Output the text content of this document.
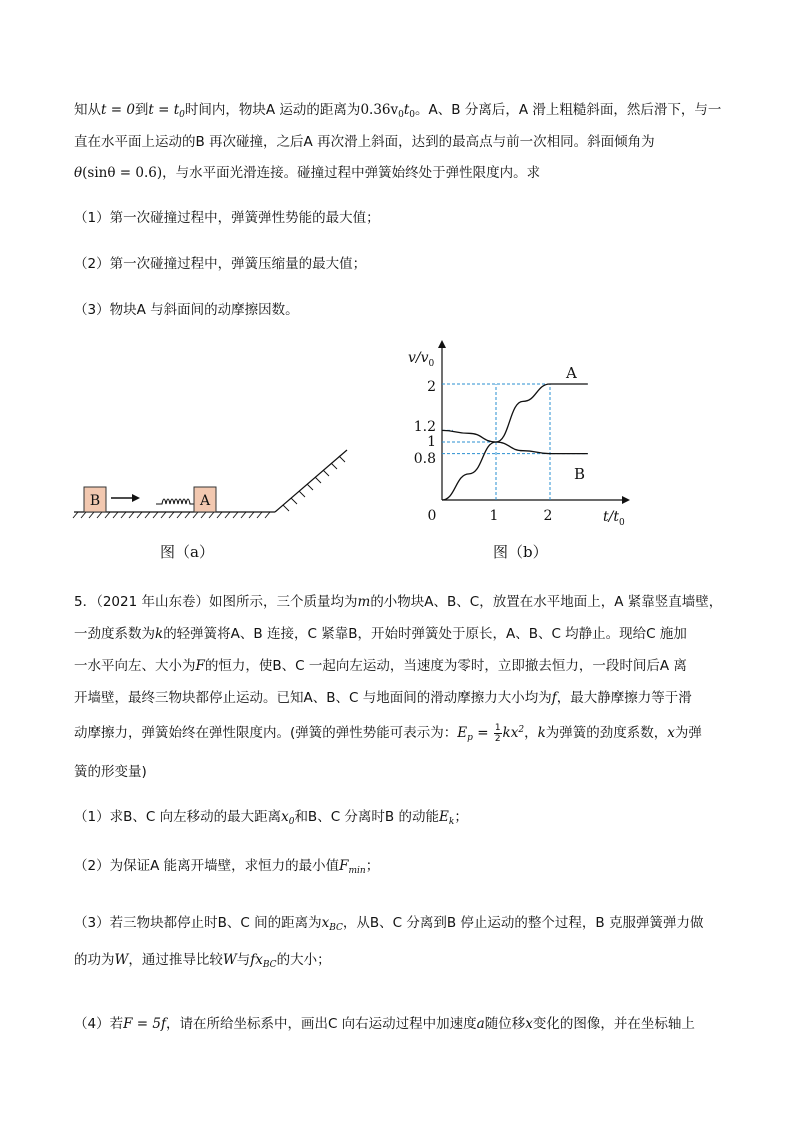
知从t = 0到$t = t_0$时间内，物块A 运动的距离为$0.36v_0t_0$。A、B 分离后，A 滑上粗糙斜面，然后滑下，与一
直在水平面上运动的B 再次碰撞，之后A 再次滑上斜面，达到的最高点与前一次相同。斜面倾角为
θ(sinθ = 0.6)，与水平面光滑连接。碰撞过程中弹簧始终处于弹性限度内。求
（1）第一次碰撞过程中，弹簧弹性势能的最大值；
（2）第一次碰撞过程中，弹簧压缩量的最大值；
（3）物块A 与斜面间的动摩擦因数。
B	A
图（a）
$v/v_0$
$t/t_0$
0
2
1.2
1
0.8
1	2
A
B
图（b）
5．（2021 年山东卷）如图所示，三个质量均为m的小物块A、B、C，放置在水平地面上，A 紧靠竖直墙壁，
一劲度系数为k的轻弹簧将A、B 连接，C 紧靠B，开始时弹簧处于原长，A、B、C 均静止。现给C 施加
一水平向左、大小为F的恒力，使B、C 一起向左运动，当速度为零时，立即撤去恒力，一段时间后A 离
开墙壁，最终三物块都停止运动。已知A、B、C 与地面间的滑动摩擦力大小均为f，最大静摩擦力等于滑
动摩擦力，弹簧始终在弹性限度内。(弹簧的弹性势能可表示为：$E_p = \frac{1}{2} kx^2$，k为弹簧的劲度系数，x为弹
簧的形变量)
（1）求B、C 向左移动的最大距离$x_0$和B、C 分离时B 的动能$E_k$；
（2）为保证A 能离开墙壁，求恒力的最小值$F_{min}$；
（3）若三物块都停止时B、C 间的距离为$x_{BC}$，从B、C 分离到B 停止运动的整个过程，B 克服弹簧弹力做
的功为W，通过推导比较W与$fx_{BC}$的大小；
（4）若F = 5f，请在所给坐标系中，画出C 向右运动过程中加速度a随位移x变化的图像，并在坐标轴上
